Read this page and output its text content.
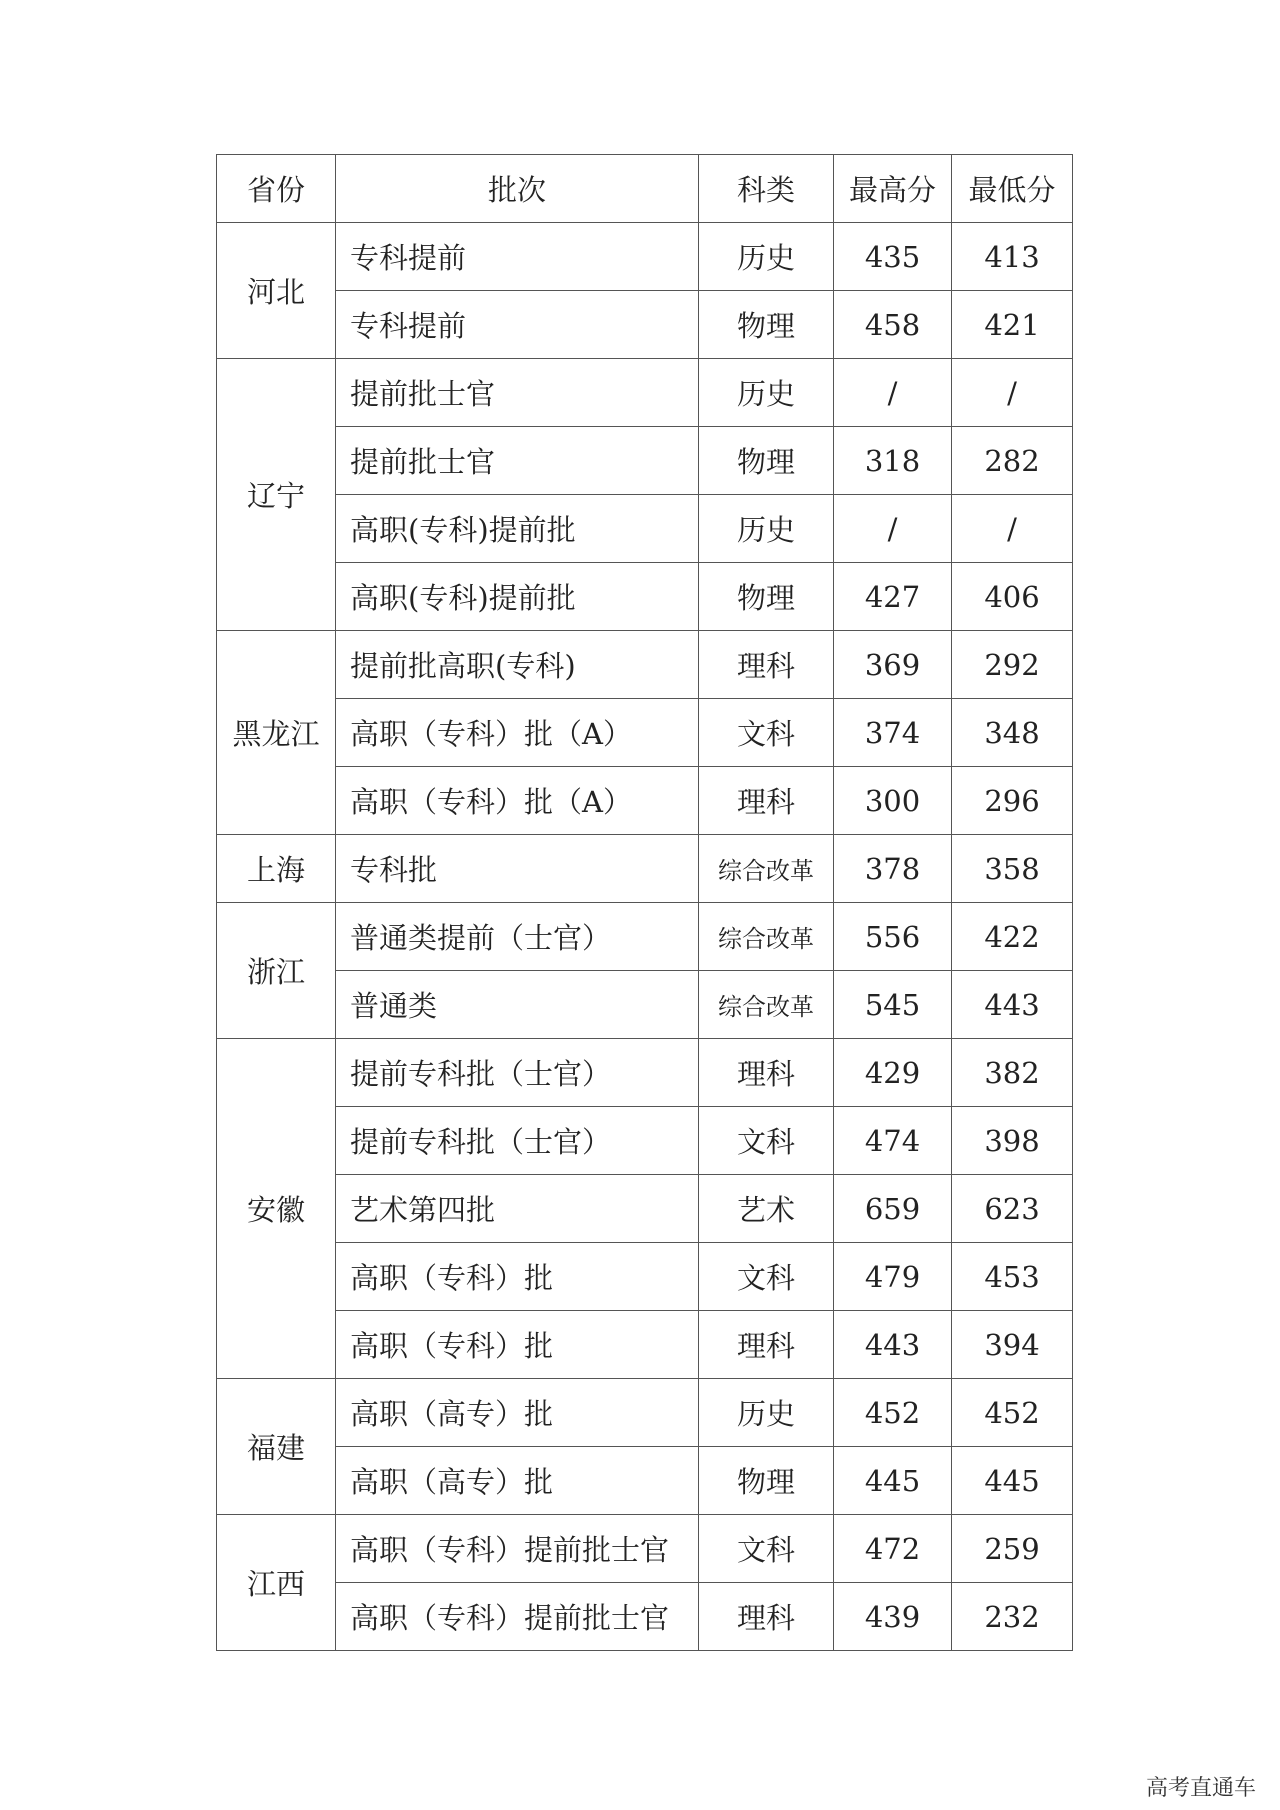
省份	批次	科类	最高分	最低分
河北	专科提前	历史	435	413
	专科提前	物理	458	421
辽宁	提前批士官	历史	/	/
	提前批士官	物理	318	282
	高职(专科)提前批	历史	/	/
	高职(专科)提前批	物理	427	406
黑龙江	提前批高职(专科)	理科	369	292
	高职（专科）批（A）	文科	374	348
	高职（专科）批（A）	理科	300	296
上海	专科批	综合改革	378	358
浙江	普通类提前（士官）	综合改革	556	422
	普通类	综合改革	545	443
安徽	提前专科批（士官）	理科	429	382
	提前专科批（士官）	文科	474	398
	艺术第四批	艺术	659	623
	高职（专科）批	文科	479	453
	高职（专科）批	理科	443	394
福建	高职（高专）批	历史	452	452
	高职（高专）批	物理	445	445
江西	高职（专科）提前批士官	文科	472	259
	高职（专科）提前批士官	理科	439	232
高考直通车
